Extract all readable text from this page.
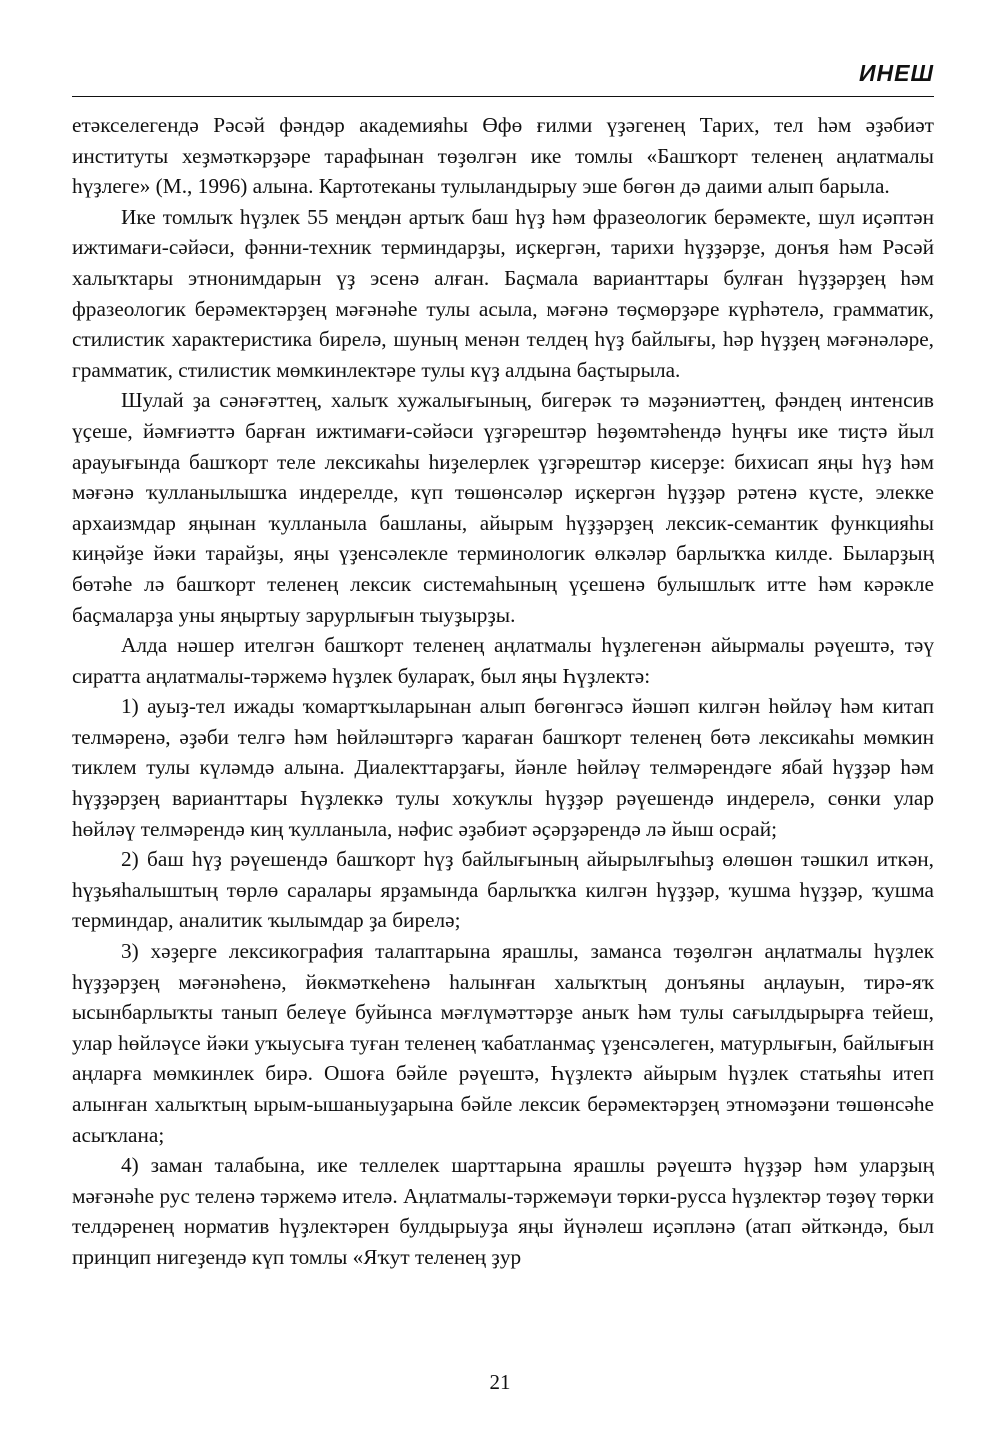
ИНЕШ

етәкселегендә Рәсәй фәндәр академияһы Өфө ғилми үҙәгенең Тарих, тел һәм әҙәбиәт институты хеҙмәткәрҙәре тарафынан төҙөлгән ике томлы «Башҡорт теленең аңлатмалы һүҙлеге» (М., 1996) алына. Картотеканы тулыландырыу эше бөгөн дә даими алып барыла.

Ике томлыҡ һүҙлек 55 меңдән артыҡ баш һүҙ һәм фразеологик берәмекте, шул иҫәптән ижтимағи-сәйәси, фәнни-техник терминдарҙы, иҫкергән, тарихи һүҙҙәрҙе, донъя һәм Рәсәй халыҡтары этнонимдарын үҙ эсенә алған. Баҫмала варианттары булған һүҙҙәрҙең һәм фразеологик берәмектәрҙең мәғәнәһе тулы асыла, мәғәнә төҫмөрҙәре күрһәтелә, грамматик, стилистик характеристика бирелә, шуның менән телдең һүҙ байлығы, һәр һүҙҙең мәғәнәләре, грамматик, стилистик мөмкинлектәре тулы күҙ алдына баҫтырыла.

Шулай ҙа сәнәғәттең, халыҡ хужалығының, бигерәк тә мәҙәниәттең, фәндең интенсив үҫеше, йәмғиәттә барған ижтимағи-сәйәси үҙгәрештәр һөҙөмтәһендә һуңғы ике тиҫтә йыл арауығында башҡорт теле лексикаһы һиҙелерлек үҙгәрештәр кисерҙе: бихисап яңы һүҙ һәм мәғәнә ҡулланылышҡа индерелде, күп төшөнсәләр иҫкергән һүҙҙәр рәтенә күсте, элекке архаизмдар яңынан ҡулланыла башланы, айырым һүҙҙәрҙең лексик-семантик функцияһы киңәйҙе йәки тарайҙы, яңы үҙенсәлекле терминологик өлкәләр барлыҡҡа килде. Быларҙың бөтәһе лә башҡорт теленең лексик системаһының үҫешенә булышлыҡ итте һәм кәрәкле баҫмаларҙа уны яңыртыу зарурлығын тыуҙырҙы.

Алда нәшер ителгән башҡорт теленең аңлатмалы һүҙлегенән айырмалы рәүештә, тәү сиратта аңлатмалы-тәржемә һүҙлек булараҡ, был яңы Һүҙлектә:

1) ауыҙ-тел ижады ҡомартҡыларынан алып бөгөнгәсә йәшәп килгән һөйләү һәм китап телмәренә, әҙәби телгә һәм һөйләштәргә ҡараған башҡорт теленең бөтә лексикаһы мөмкин тиклем тулы күләмдә алына. Диалекттарҙағы, йәнле һөйләү телмәрендәге ябай һүҙҙәр һәм һүҙҙәрҙең варианттары Һүҙлеккә тулы хоҡуҡлы һүҙҙәр рәүешендә индерелә, сөнки улар һөйләү телмәрендә киң ҡулланыла, нәфис әҙәбиәт әҫәрҙәрендә лә йыш осрай;

2) баш һүҙ рәүешендә башҡорт һүҙ байлығының айырылғыһыҙ өлөшөн тәшкил иткән, һүҙьяһалыштың төрлө саралары ярҙамында барлыҡҡа килгән һүҙҙәр, ҡушма һүҙҙәр, ҡушма терминдар, аналитик ҡылымдар ҙа бирелә;

3) хәҙерге лексикография талаптарына ярашлы, заманса төҙөлгән аңлатмалы һүҙлек һүҙҙәрҙең мәғәнәһенә, йөкмәткеһенә һалынған халыҡтың донъяны аңлауын, тирә-яҡ ысынбарлыҡты танып белеүе буйынса мәғлүмәттәрҙе аныҡ һәм тулы сағылдырырға тейеш, улар һөйләүсе йәки уҡыусыға туған теленең ҡабатланмаҫ үҙенсәлеген, матурлығын, байлығын аңларға мөмкинлек бирә. Ошоға бәйле рәүештә, Һүҙлектә айырым һүҙлек статьяһы итеп алынған халыҡтың ырым-ышаныуҙарына бәйле лексик берәмектәрҙең этномәҙәни төшөнсәһе асыҡлана;

4) заман талабына, ике теллелек шарттарына ярашлы рәүештә һүҙҙәр һәм уларҙың мәғәнәһе рус теленә тәржемә ителә. Аңлатмалы-тәржемәүи төрки-русса һүҙлектәр төҙөү төрки телдәренең норматив һүҙлектәрен булдырыуҙа яңы йүнәлеш иҫәпләнә (атап әйткәндә, был принцип нигеҙендә күп томлы «Яҡут теленең ҙур

21
